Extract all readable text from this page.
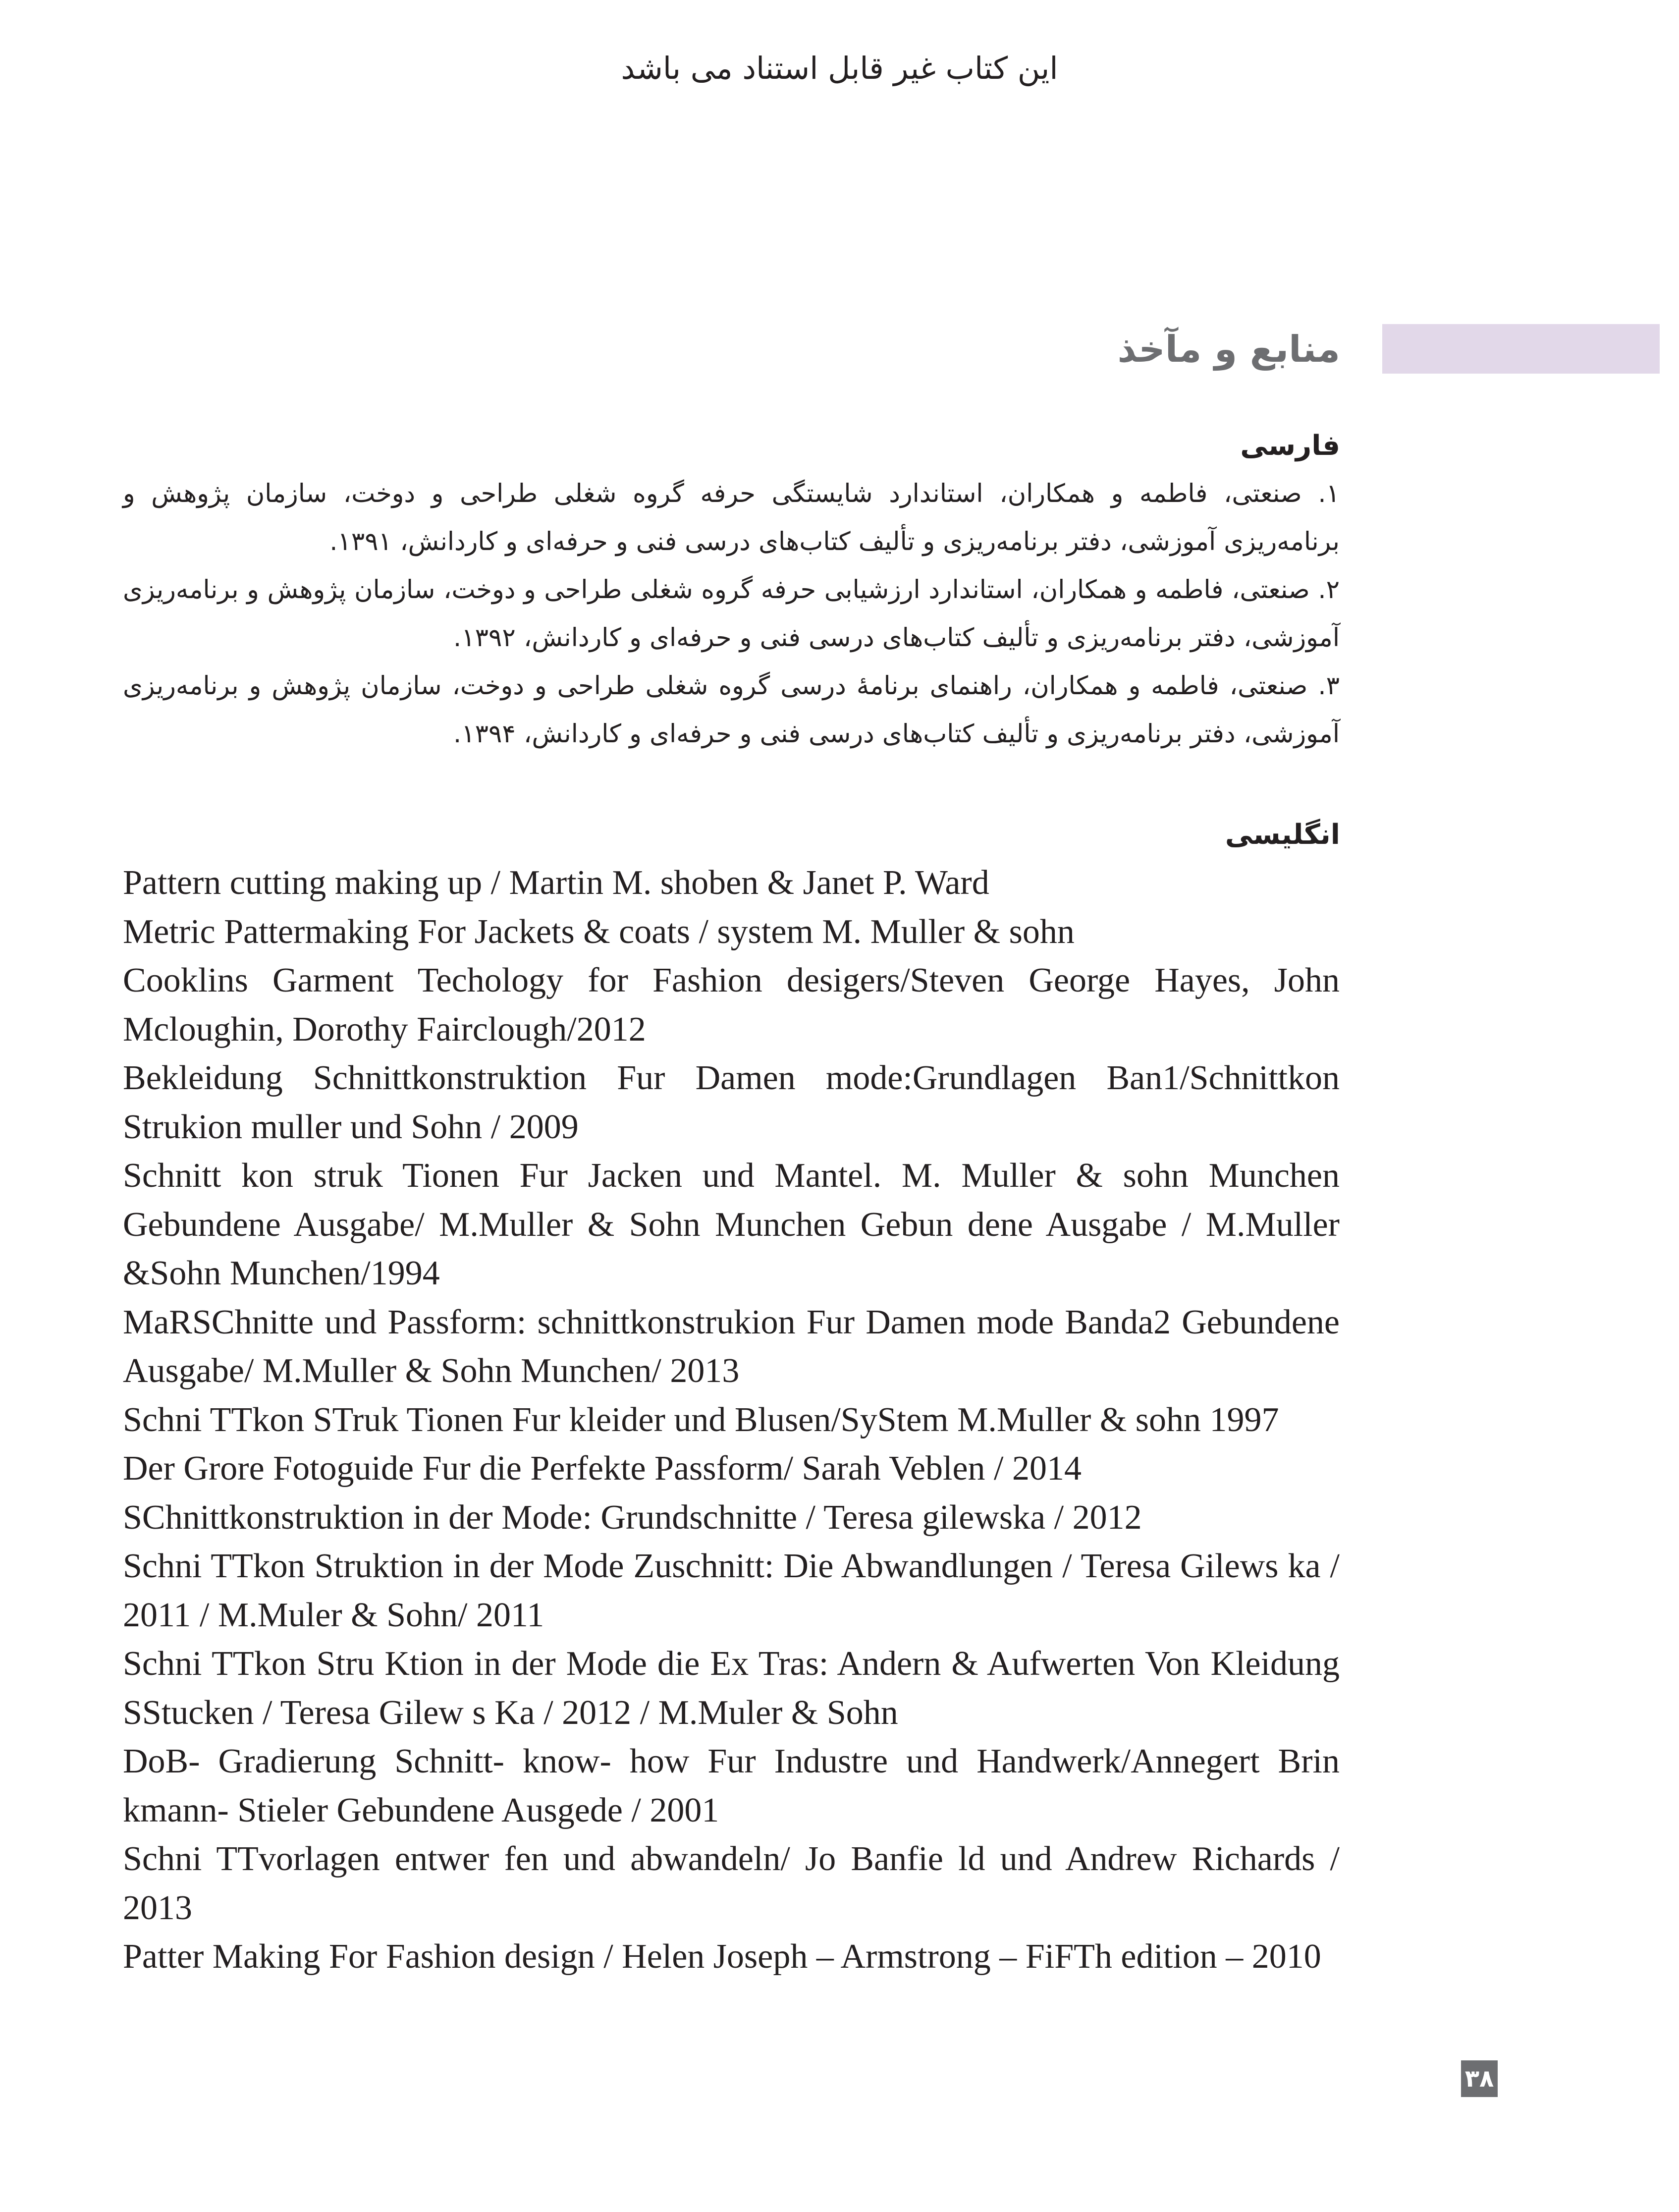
این کتاب غیر قابل استناد می باشد
منابع و مآخذ
فارسی
۱. صنعتی، فاطمه و همکاران، استاندارد شایستگی حرفه گروه شغلی طراحی و دوخت، سازمان پژوهش و برنامه‌ریزی آموزشی، دفتر برنامه‌ریزی و تألیف کتاب‌های درسی فنی و حرفه‌ای و کاردانش، ۱۳۹۱.
۲. صنعتی، فاطمه و همکاران، استاندارد ارزشیابی حرفه گروه شغلی طراحی و دوخت، سازمان پژوهش و برنامه‌ریزی آموزشی، دفتر برنامه‌ریزی و تألیف کتاب‌های درسی فنی و حرفه‌ای و کاردانش، ۱۳۹۲.
۳. صنعتی، فاطمه و همکاران، راهنمای برنامهٔ درسی گروه شغلی طراحی و دوخت، سازمان پژوهش و برنامه‌ریزی آموزشی، دفتر برنامه‌ریزی و تألیف کتاب‌های درسی فنی و حرفه‌ای و کاردانش، ۱۳۹۴.
انگلیسی
Pattern cutting making up / Martin M. shoben & Janet P. Ward
Metric Pattermaking For Jackets & coats / system M. Muller & sohn
Cooklins Garment Techology for Fashion desigers/Steven George Hayes, John Mcloughin, Dorothy Fairclough/2012
Bekleidung Schnittkonstruktion Fur Damen mode:Grundlagen Ban1/Schnittkon Strukion muller und Sohn / 2009
Schnitt kon struk Tionen Fur Jacken und Mantel. M. Muller & sohn Munchen Gebundene Ausgabe/ M.Muller & Sohn Munchen Gebun dene Ausgabe / M.Muller &Sohn Munchen/1994
MaRSChnitte und Passform: schnittkonstrukion Fur Damen mode Banda2 Gebundene Ausgabe/ M.Muller & Sohn Munchen/ 2013
Schni TTkon STruk Tionen Fur kleider und Blusen/SyStem M.Muller & sohn 1997
Der Grore Fotoguide Fur die Perfekte Passform/ Sarah Veblen / 2014
SChnittkonstruktion in der Mode: Grundschnitte / Teresa gilewska / 2012
Schni TTkon Struktion in der Mode Zuschnitt: Die Abwandlungen / Teresa Gilews ka / 2011 / M.Muler & Sohn/ 2011
Schni TTkon Stru Ktion in der Mode die Ex Tras: Andern & Aufwerten Von Kleidung SStucken / Teresa Gilew s Ka / 2012 / M.Muler & Sohn
DoB- Gradierung Schnitt- know- how Fur Industre und Handwerk/Annegert Brin kmann- Stieler Gebundene Ausgede / 2001
Schni TTvorlagen entwer fen und abwandeln/ Jo Banfie ld und Andrew Richards / 2013
Patter Making For Fashion design / Helen Joseph – Armstrong – FiFTh edition – 2010
۳۸
